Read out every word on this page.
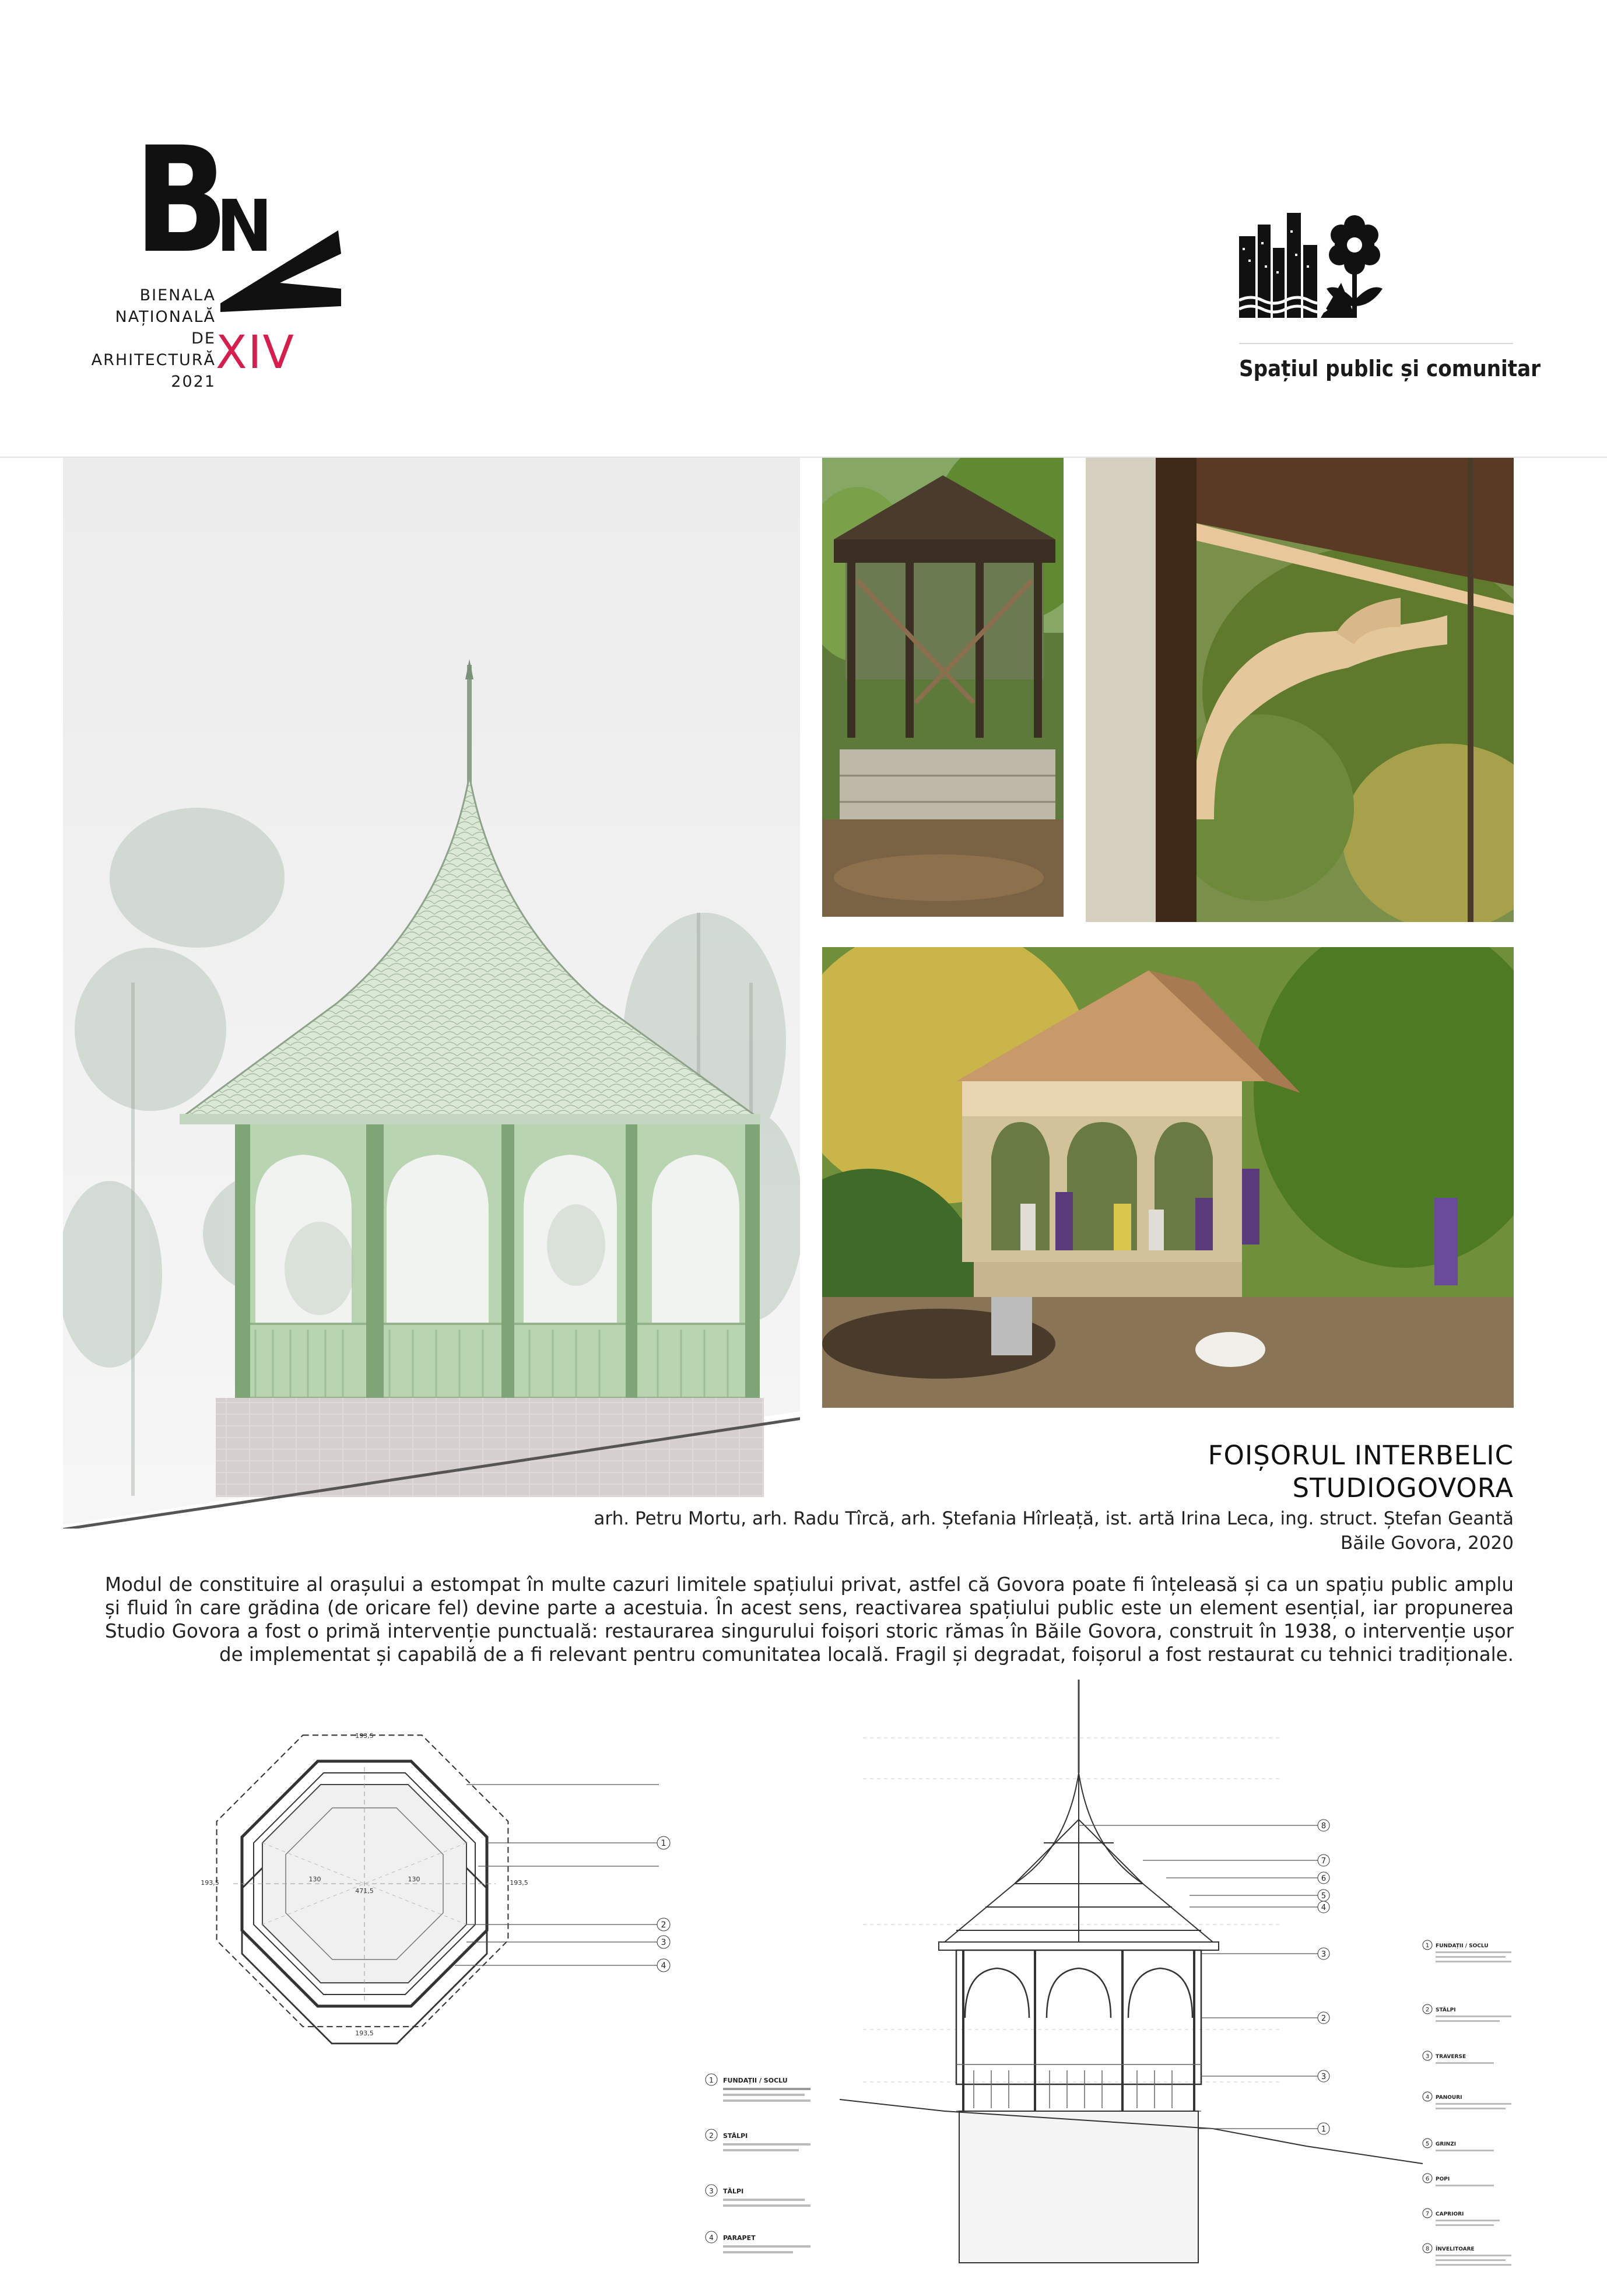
B
N
BIENALA
NAȚIONALĂ
DE
ARHITECTURĂ
2021
XIV	Spațiul public și comunitar
FOIȘORUL INTERBELIC
STUDIOGOVORA
arh. Petru Mortu, arh. Radu Tîrcă, arh. Ștefania Hîrleață, ist. artă Irina Leca, ing. struct. Ștefan Geantă
Băile Govora, 2020
Modul de constituire al orașului a estompat în multe cazuri limitele spațiului privat, astfel că Govora poate fi înțeleasă și ca un spațiu public amplu și fluid în care grădina (de oricare fel) devine parte a acestuia. În acest sens, reactivarea spațiului public este un element esențial, iar propunerea Studio Govora a fost o primă intervenție punctuală: restaurarea singurului foișori storic rămas în Băile Govora, construit în 1938, o intervenție ușor de implementat și capabilă de a fi relevant pentru comunitatea locală. Fragil și degradat, foișorul a fost restaurat cu tehnici tradiționale.
193,5
193,5
193,5	193,5
130
471,5
130
1
2
3
4
1 FUNDAȚII / SOCLU
2 STÂLPI
3 TĂLPI
4 PARAPET
8
7
6
5
4
3
2
3
1
1 FUNDAȚII / SOCLU
2 STÂLPI
3 TRAVERSE
4 PANOURI
5 GRINZI
6 POPI
7 CAPRIORI
8 ÎNVELITOARE
